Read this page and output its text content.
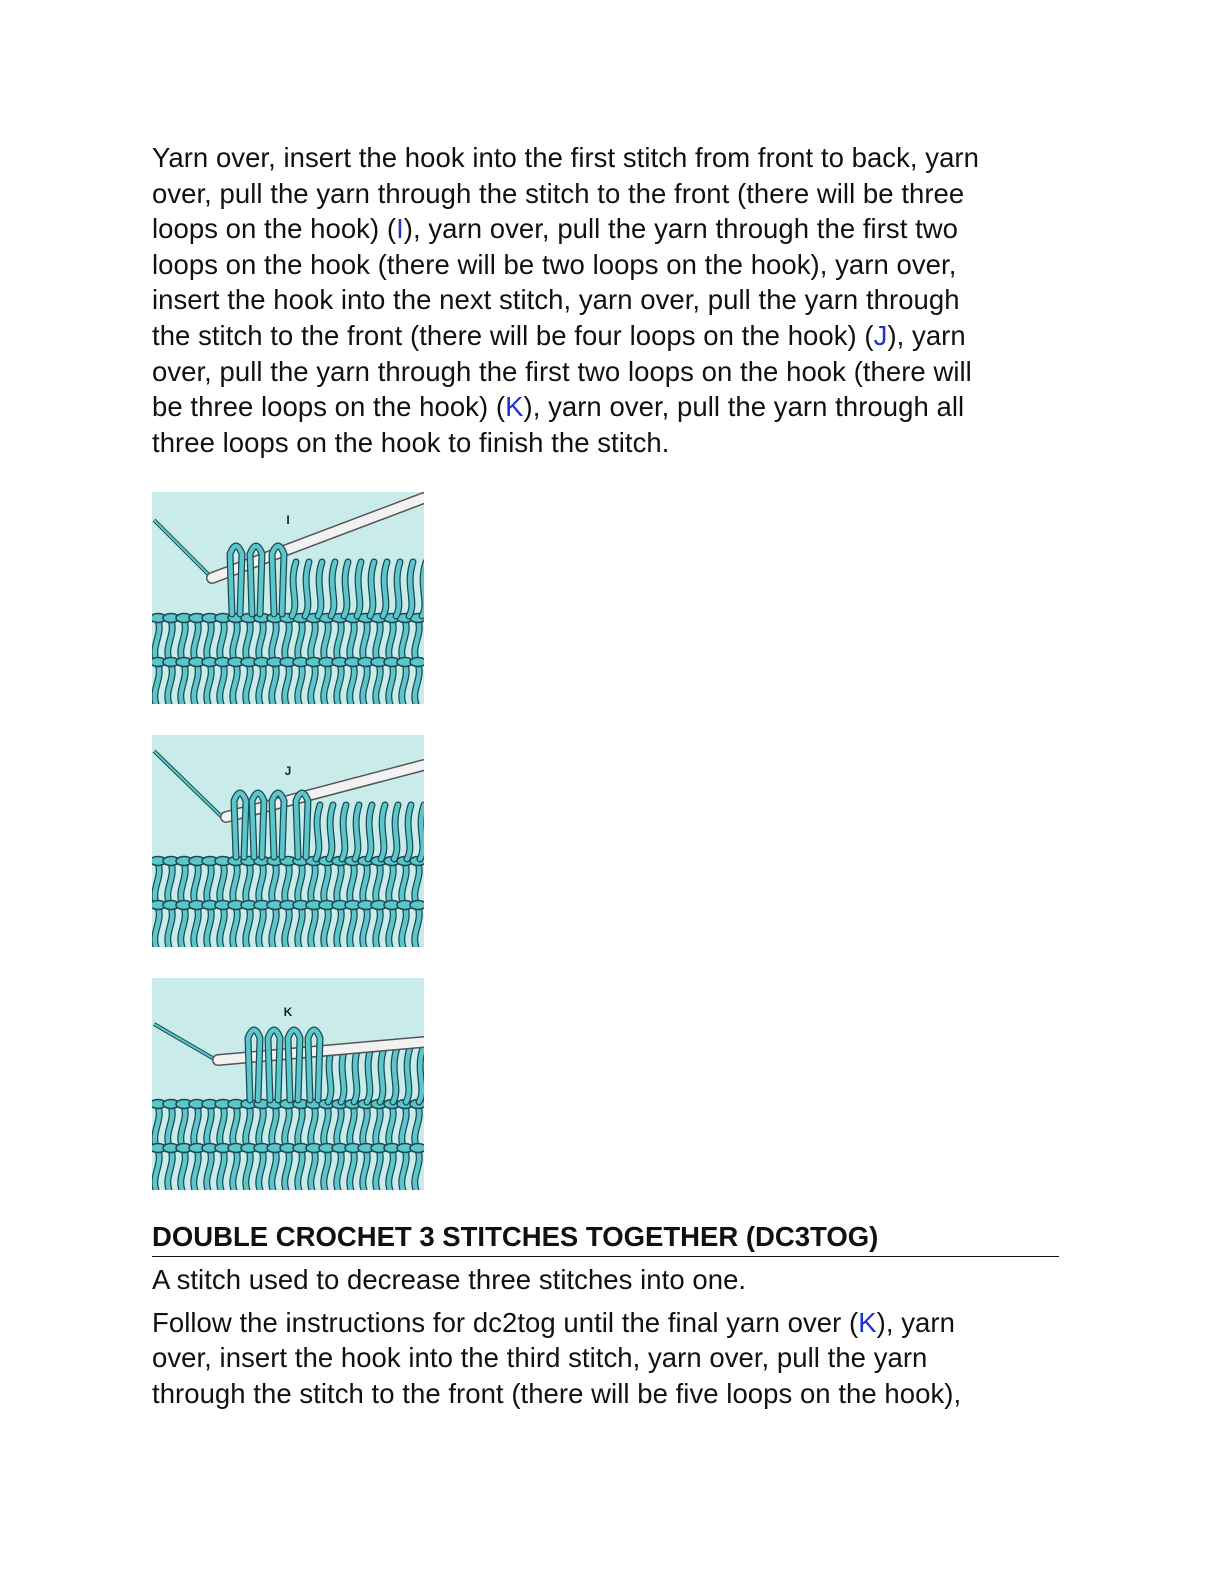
Yarn over, insert the hook into the first stitch from front to back, yarn
over, pull the yarn through the stitch to the front (there will be three
loops on the hook) (I), yarn over, pull the yarn through the first two
loops on the hook (there will be two loops on the hook), yarn over,
insert the hook into the next stitch, yarn over, pull the yarn through
the stitch to the front (there will be four loops on the hook) (J), yarn
over, pull the yarn through the first two loops on the hook (there will
be three loops on the hook) (K), yarn over, pull the yarn through all
three loops on the hook to finish the stitch.

I
J
K
DOUBLE CROCHET 3 STITCHES TOGETHER (DC3TOG)

A stitch used to decrease three stitches into one.

Follow the instructions for dc2tog until the final yarn over (K), yarn
over, insert the hook into the third stitch, yarn over, pull the yarn
through the stitch to the front (there will be five loops on the hook),
